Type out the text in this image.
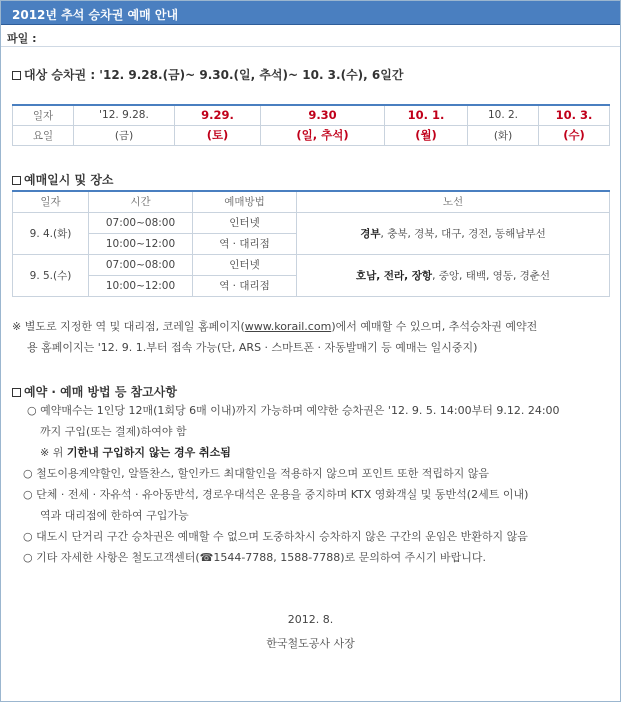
2012년 추석 승차권 예매 안내
파일 :
대상 승차권 : '12. 9.28.(금)~ 9.30.(일, 추석)~ 10. 3.(수), 6일간
일자	'12. 9.28.	9.29.	9.30	10. 1.	10. 2.	10. 3.
요일	(금)	(토)	(일, 추석)	(월)	(화)	(수)
예매일시 및 장소
일자	시간	예매방법	노선
9. 4.(화)	07:00~08:00	인터넷	경부, 충북, 경북, 대구, 경전, 동해남부선
	10:00~12:00	역 · 대리점	
9. 5.(수)	07:00~08:00	인터넷	호남, 전라, 장항, 중앙, 태백, 영동, 경춘선
	10:00~12:00	역 · 대리점	
※ 별도로 지정한 역 및 대리점, 코레일 홈페이지(www.korail.com)에서 예매할 수 있으며, 추석승차권 예약전
용 홈페이지는 '12. 9. 1.부터 접속 가능(단, ARS · 스마트폰 · 자동발매기 등 예매는 일시중지)
예약 · 예매 방법 등 참고사항
○ 예약매수는 1인당 12매(1회당 6매 이내)까지 가능하며 예약한 승차권은 '12. 9. 5. 14:00부터 9.12. 24:00
까지 구입(또는 결제)하여야 함
※ 위 기한내 구입하지 않는 경우 취소됨
○ 철도이용계약할인, 알뜰찬스, 할인카드 최대할인을 적용하지 않으며 포인트 또한 적립하지 않음
○ 단체 · 전세 · 자유석 · 유아동반석, 경로우대석은 운용을 중지하며 KTX 영화객실 및 동반석(2세트 이내)
역과 대리점에 한하여 구입가능
○ 대도시 단거리 구간 승차권은 예매할 수 없으며 도중하차시 승차하지 않은 구간의 운임은 반환하지 않음
○ 기타 자세한 사항은 철도고객센터(☎1544-7788, 1588-7788)로 문의하여 주시기 바랍니다.
2012. 8.
한국철도공사 사장
